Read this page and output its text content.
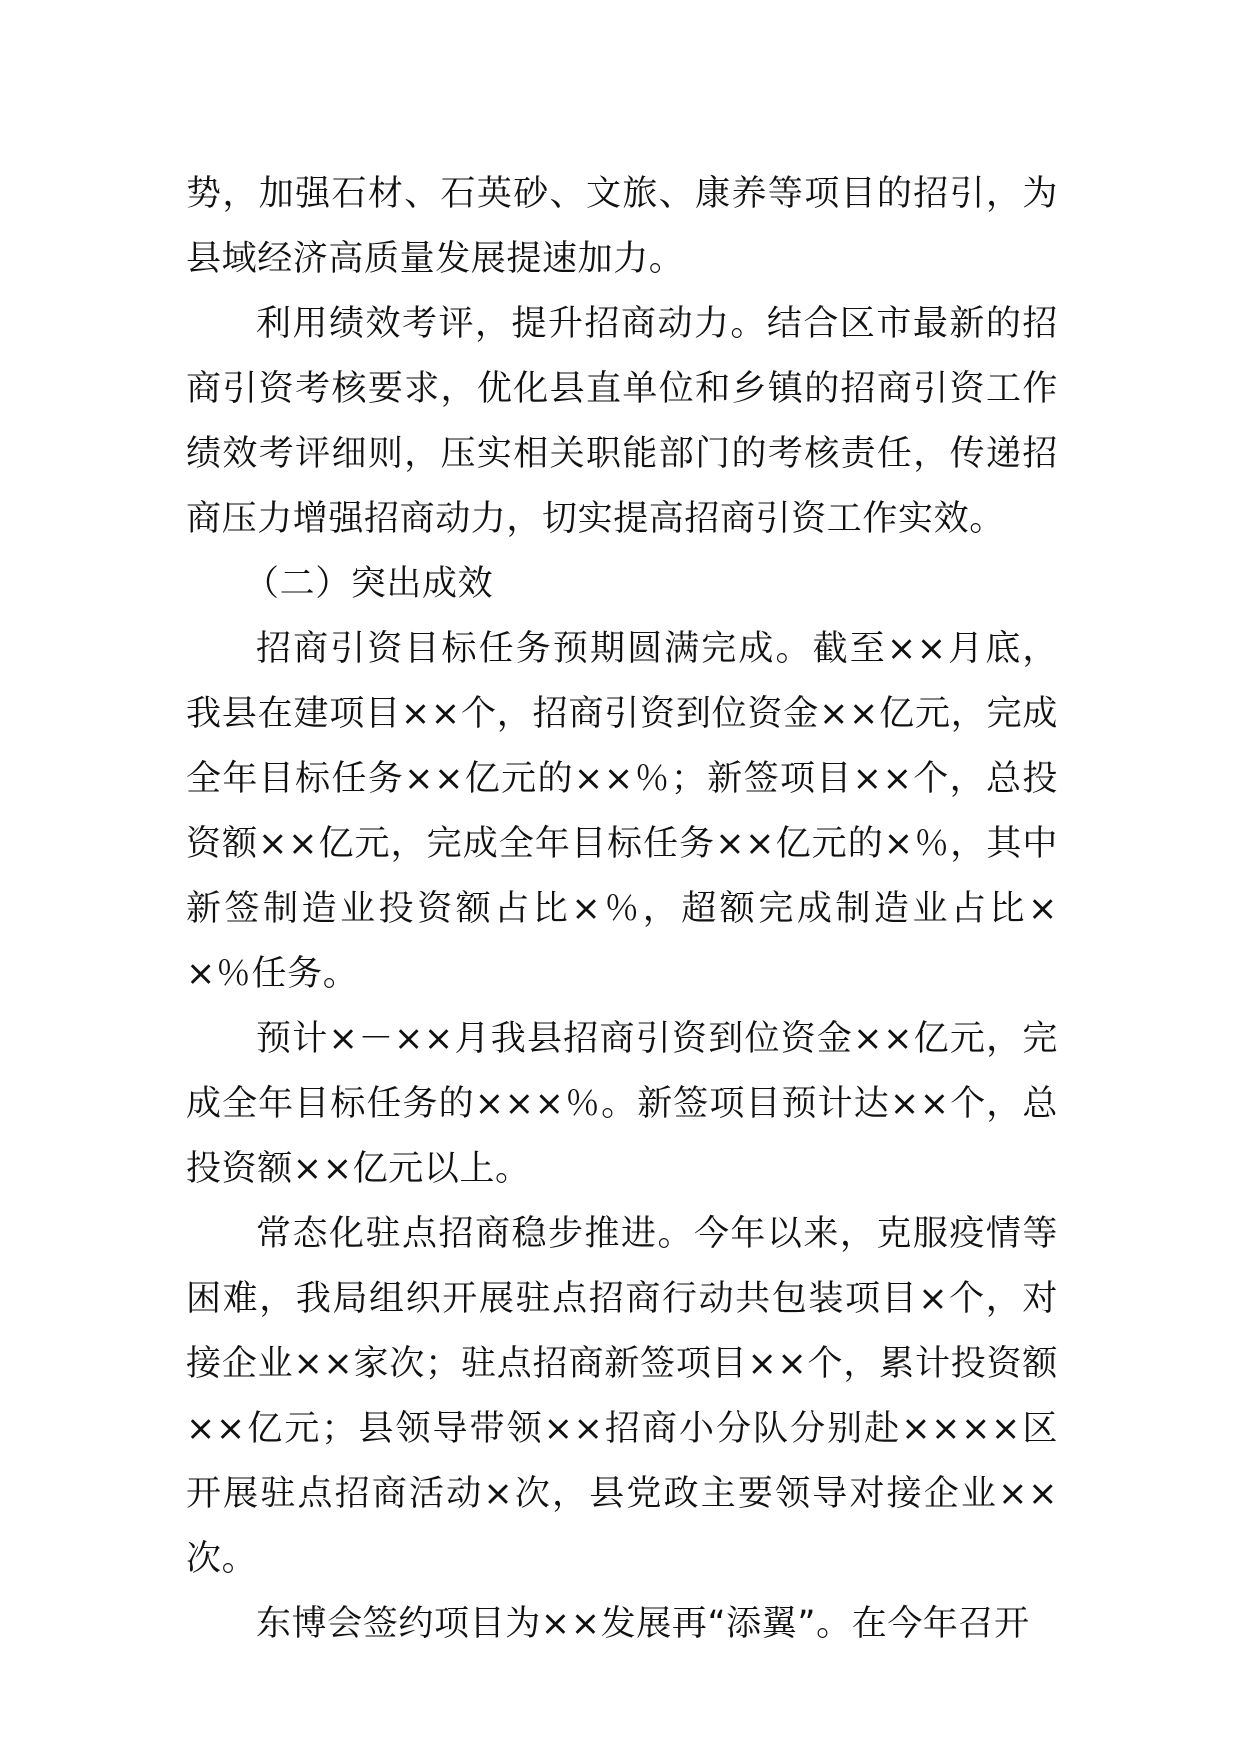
势，加强石材、石英砂、文旅、康养等项目的招引，为县域经济高质量发展提速加力。

利用绩效考评，提升招商动力。结合区市最新的招商引资考核要求，优化县直单位和乡镇的招商引资工作绩效考评细则，压实相关职能部门的考核责任，传递招商压力增强招商动力，切实提高招商引资工作实效。

（二）突出成效

招商引资目标任务预期圆满完成。截至××月底，我县在建项目××个，招商引资到位资金××亿元，完成全年目标任务××亿元的××％；新签项目××个，总投资额××亿元，完成全年目标任务××亿元的×％，其中新签制造业投资额占比×％，超额完成制造业占比××％任务。

预计×－××月我县招商引资到位资金××亿元，完成全年目标任务的×××％。新签项目预计达××个，总投资额××亿元以上。

常态化驻点招商稳步推进。今年以来，克服疫情等困难，我局组织开展驻点招商行动共包装项目×个，对接企业××家次；驻点招商新签项目××个，累计投资额××亿元；县领导带领××招商小分队分别赴××××区开展驻点招商活动×次，县党政主要领导对接企业××次。

东博会签约项目为××发展再“添翼”。在今年召开
